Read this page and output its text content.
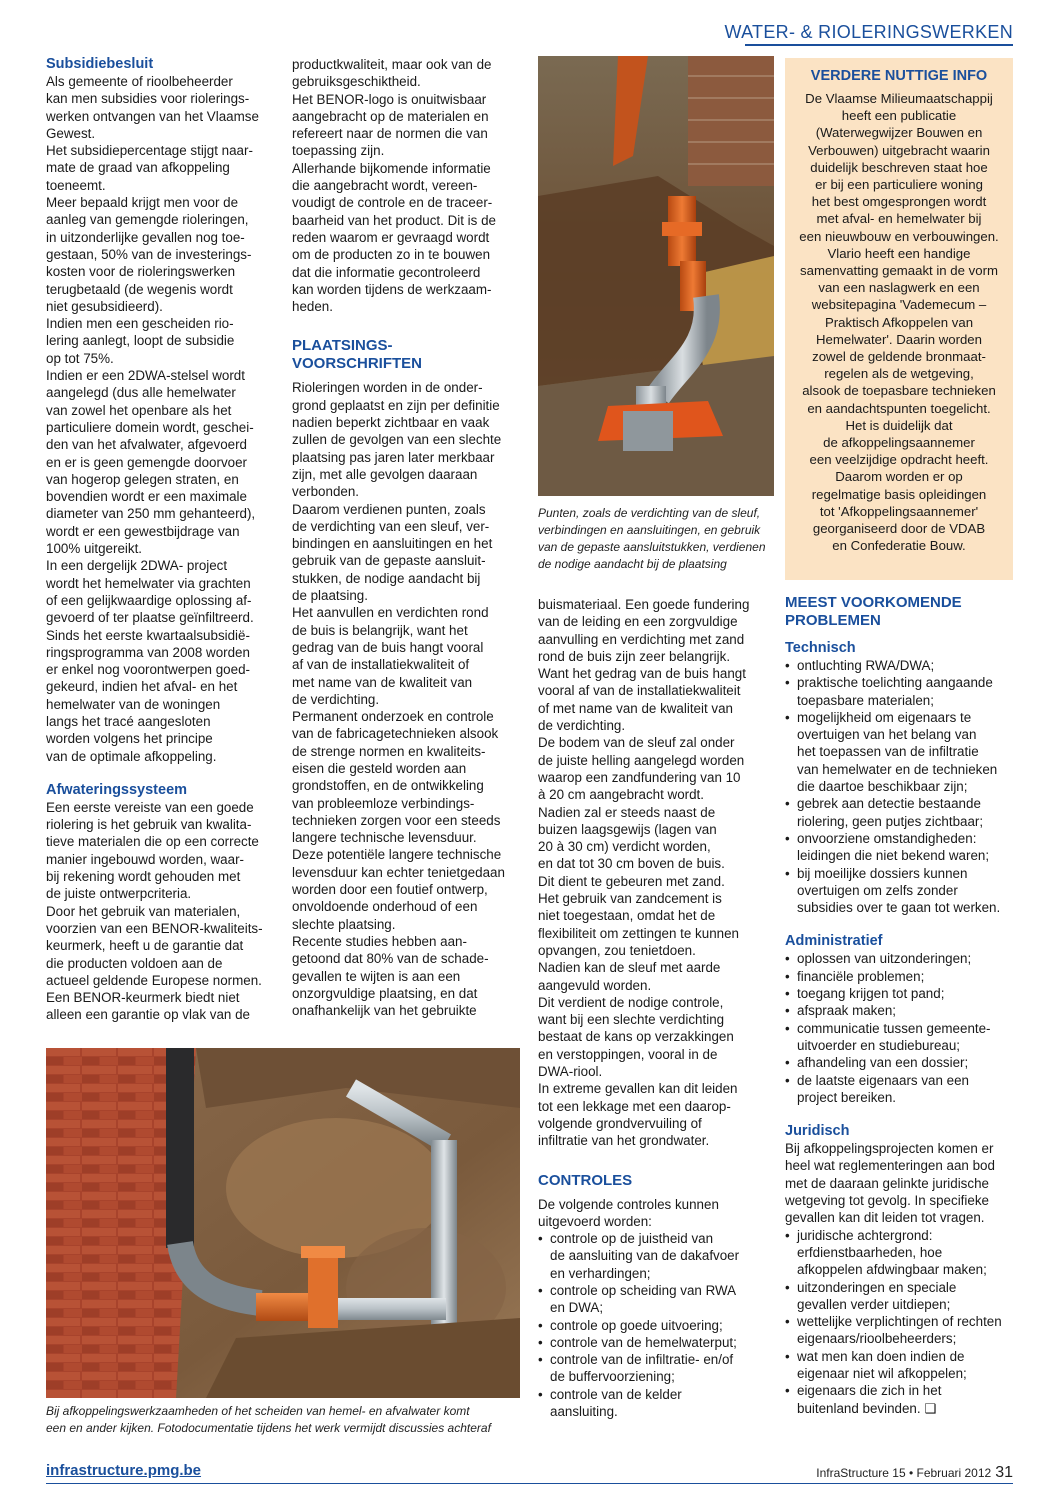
WATER- & RIOLERINGSWERKEN

Subsidiebesluit

Als gemeente of rioolbeheerder
kan men subsidies voor riolerings-
werken ontvangen van het Vlaamse
Gewest.
Het subsidiepercentage stijgt naar-
mate de graad van afkoppeling
toeneemt.
Meer bepaald krijgt men voor de
aanleg van gemengde rioleringen,
in uitzonderlijke gevallen nog toe-
gestaan, 50% van de investerings-
kosten voor de rioleringswerken
terugbetaald (de wegenis wordt
niet gesubsidieerd).
Indien men een gescheiden rio-
lering aanlegt, loopt de subsidie
op tot 75%.
Indien er een 2DWA-stelsel wordt
aangelegd (dus alle hemelwater
van zowel het openbare als het
particuliere domein wordt, geschei-
den van het afvalwater, afgevoerd
en er is geen gemengde doorvoer
van hogerop gelegen straten, en
bovendien wordt er een maximale
diameter van 250 mm gehanteerd),
wordt er een gewestbijdrage van
100% uitgereikt.
In een dergelijk 2DWA- project
wordt het hemelwater via grachten
of een gelijkwaardige oplossing af-
gevoerd of ter plaatse geïnfiltreerd.
Sinds het eerste kwartaalsubsidië-
ringsprogramma van 2008 worden
er enkel nog voorontwerpen goed-
gekeurd, indien het afval- en het
hemelwater van de woningen
langs het tracé aangesloten
worden volgens het principe
van de optimale afkoppeling.

Afwateringssysteem

Een eerste vereiste van een goede
riolering is het gebruik van kwalita-
tieve materialen die op een correcte
manier ingebouwd worden, waar-
bij rekening wordt gehouden met
de juiste ontwerpcriteria.
Door het gebruik van materialen,
voorzien van een BENOR-kwaliteits-
keurmerk, heeft u de garantie dat
die producten voldoen aan de
actueel geldende Europese normen.
Een BENOR-keurmerk biedt niet
alleen een garantie op vlak van de
productkwaliteit, maar ook van de
gebruiksgeschiktheid.
Het BENOR-logo is onuitwisbaar
aangebracht op de materialen en
refereert naar de normen die van
toepassing zijn.
Allerhande bijkomende informatie
die aangebracht wordt, vereen-
voudigt de controle en de traceer-
baarheid van het product. Dit is de
reden waarom er gevraagd wordt
om de producten zo in te bouwen
dat die informatie gecontroleerd
kan worden tijdens de werkzaam-
heden.
PLAATSINGS-
VOORSCHRIFTEN
Rioleringen worden in de onder-
grond geplaatst en zijn per definitie
nadien beperkt zichtbaar en vaak
zullen de gevolgen van een slechte
plaatsing pas jaren later merkbaar
zijn, met alle gevolgen daaraan
verbonden.
Daarom verdienen punten, zoals
de verdichting van een sleuf, ver-
bindingen en aansluitingen en het
gebruik van de gepaste aansluit-
stukken, de nodige aandacht bij
de plaatsing.
Het aanvullen en verdichten rond
de buis is belangrijk, want het
gedrag van de buis hangt vooral
af van de installatiekwaliteit of
met name van de kwaliteit van
de verdichting.
Permanent onderzoek en controle
van de fabricagetechnieken alsook
de strenge normen en kwaliteits-
eisen die gesteld worden aan
grondstoffen, en de ontwikkeling
van probleemloze verbindings-
technieken zorgen voor een steeds
langere technische levensduur.
Deze potentiële langere technische
levensduur kan echter tenietgedaan
worden door een foutief ontwerp,
onvoldoende onderhoud of een
slechte plaatsing.
Recente studies hebben aan-
getoond dat 80% van de schade-
gevallen te wijten is aan een
onzorgvuldige plaatsing, en dat
onafhankelijk van het gebruikte
Punten, zoals de verdichting van de sleuf,
verbindingen en aansluitingen, en gebruik
van de gepaste aansluitstukken, verdienen
de nodige aandacht bij de plaatsing
buismateriaal. Een goede fundering
van de leiding en een zorgvuldige
aanvulling en verdichting met zand
rond de buis zijn zeer belangrijk.
Want het gedrag van de buis hangt
vooral af van de installatiekwaliteit
of met name van de kwaliteit van
de verdichting.
De bodem van de sleuf zal onder
de juiste helling aangelegd worden
waarop een zandfundering van 10
à 20 cm aangebracht wordt.
Nadien zal er steeds naast de
buizen laagsgewijs (lagen van
20 à 30 cm) verdicht worden,
en dat tot 30 cm boven de buis.
Dit dient te gebeuren met zand.
Het gebruik van zandcement is
niet toegestaan, omdat het de
flexibiliteit om zettingen te kunnen
opvangen, zou tenietdoen.
Nadien kan de sleuf met aarde
aangevuld worden.
Dit verdient de nodige controle,
want bij een slechte verdichting
bestaat de kans op verzakkingen
en verstoppingen, vooral in de
DWA-riool.
In extreme gevallen kan dit leiden
tot een lekkage met een daarop-
volgende grondvervuiling of
infiltratie van het grondwater.

CONTROLES

De volgende controles kunnen
uitgevoerd worden:
• controle op de juistheid van
de aansluiting van de dakafvoer
en verhardingen;
• controle op scheiding van RWA
en DWA;
• controle op goede uitvoering;
• controle van de hemelwaterput;
• controle van de infiltratie- en/of
de buffervoorziening;
• controle van de kelder
aansluiting.
VERDERE NUTTIGE INFO
De Vlaamse Milieumaatschappij
heeft een publicatie
(Waterwegwijzer Bouwen en
Verbouwen) uitgebracht waarin
duidelijk beschreven staat hoe
er bij een particuliere woning
het best omgesprongen wordt
met afval- en hemelwater bij
een nieuwbouw en verbouwingen.
Vlario heeft een handige
samenvatting gemaakt in de vorm
van een naslagwerk en een
websitepagina 'Vademecum –
Praktisch Afkoppelen van
Hemelwater'. Daarin worden
zowel de geldende bronmaat-
regelen als de wetgeving,
alsook de toepasbare technieken
en aandachtspunten toegelicht.
Het is duidelijk dat
de afkoppelingsaannemer
een veelzijdige opdracht heeft.
Daarom worden er op
regelmatige basis opleidingen
tot 'Afkoppelingsaannemer'
georganiseerd door de VDAB
en Confederatie Bouw.
MEEST VOORKOMENDE
PROBLEMEN

Technisch

• ontluchting RWA/DWA;
• praktische toelichting aangaande
toepasbare materialen;
• mogelijkheid om eigenaars te
overtuigen van het belang van
het toepassen van de infiltratie
van hemelwater en de technieken
die daartoe beschikbaar zijn;
• gebrek aan detectie bestaande
riolering, geen putjes zichtbaar;
• onvoorziene omstandigheden:
leidingen die niet bekend waren;
• bij moeilijke dossiers kunnen
overtuigen om zelfs zonder
subsidies over te gaan tot werken.

Administratief

• oplossen van uitzonderingen;
• financiële problemen;
• toegang krijgen tot pand;
• afspraak maken;
• communicatie tussen gemeente-
uitvoerder en studiebureau;
• afhandeling van een dossier;
• de laatste eigenaars van een
project bereiken.

Juridisch

Bij afkoppelingsprojecten komen er
heel wat reglementeringen aan bod
met de daaraan gelinkte juridische
wetgeving tot gevolg. In specifieke
gevallen kan dit leiden tot vragen.
• juridische achtergrond:
erfdienstbaarheden, hoe
afkoppelen afdwingbaar maken;
• uitzonderingen en speciale
gevallen verder uitdiepen;
• wettelijke verplichtingen of rechten
eigenaars/rioolbeheerders;
• wat men kan doen indien de
eigenaar niet wil afkoppelen;
• eigenaars die zich in het
buitenland bevinden. ❑
Bij afkoppelingswerkzaamheden of het scheiden van hemel- en afvalwater komt
een en ander kijken. Fotodocumentatie tijdens het werk vermijdt discussies achteraf
infrastructure.pmg.be	InfraStructure 15 • Februari 2012 31
